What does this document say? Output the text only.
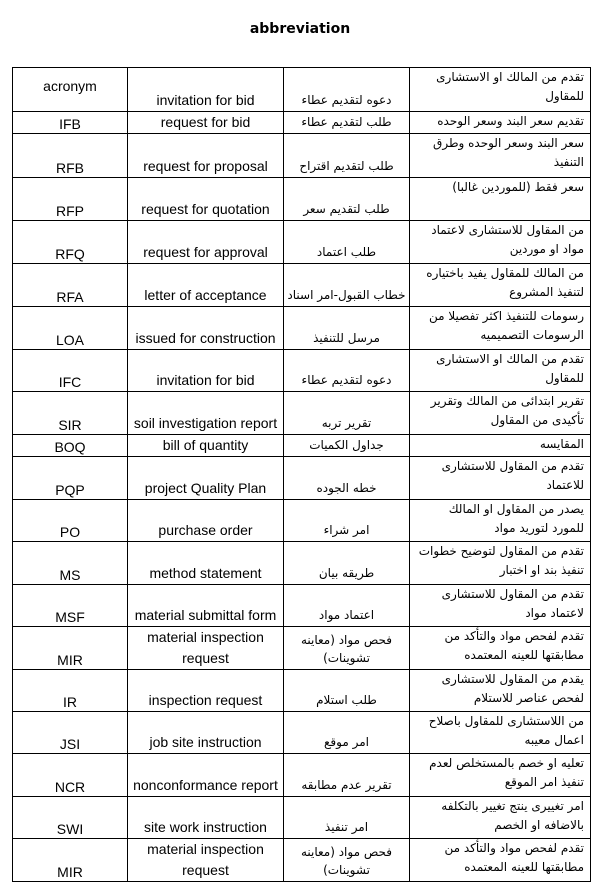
abbreviation
acronym	invitation for bid	دعوه لتقديم عطاء	تقدم من المالك او الاستشارى للمقاول
IFB	request for bid	طلب لتقديم عطاء	تقديم سعر البند وسعر الوحده
RFB	request for proposal	طلب لتقديم اقتراح	سعر البند وسعر الوحده وطرق التنفيذ
RFP	request for quotation	طلب لتقديم سعر	سعر فقط (للموردين غالبا)
RFQ	request for approval	طلب اعتماد	من المقاول للاستشارى لاعتماد مواد او موردين
RFA	letter of acceptance	خطاب القبول-امر اسناد	من المالك للمقاول يفيد باختياره لتنفيذ المشروع
LOA	issued for construction	مرسل للتنفيذ	رسومات للتنفيذ اكثر تفصيلا من الرسومات التصميميه
IFC	invitation for bid	دعوه لتقديم عطاء	تقدم من المالك او الاستشارى للمقاول
SIR	soil investigation report	تقرير تربه	تقرير ابتدائى من المالك وتقرير تأكيدى من المقاول
BOQ	bill of quantity	جداول الكميات	المقايسه
PQP	project Quality Plan	خطه الجوده	تقدم من المقاول للاستشارى للاعتماد
PO	purchase order	امر شراء	يصدر من المقاول او المالك للمورد لتوريد مواد
MS	method statement	طريقه بيان	تقدم من المقاول لتوضيح خطوات تنفيذ بند او اختبار
MSF	material submittal form	اعتماد مواد	تقدم من المقاول للاستشارى لاعتماد مواد
MIR	material inspection request	فحص مواد (معاينه تشوينات)	تقدم لفحص مواد والتأكد من مطابقتها للعينه المعتمده
IR	inspection request	طلب استلام	يقدم من المقاول للاستشارى لفحص عناصر للاستلام
JSI	job site instruction	امر موقع	من اللاستشارى للمقاول باصلاح اعمال معيبه
NCR	nonconformance report	تقرير عدم مطابقه	تعليه او خصم بالمستخلص لعدم تنفيذ امر الموقع
SWI	site work instruction	امر تنفيذ	امر تغييرى ينتج تغيير بالتكلفه بالاضافه او الخصم
MIR	material inspection request	فحص مواد (معاينه تشوينات)	تقدم لفحص مواد والتأكد من مطابقتها للعينه المعتمده
